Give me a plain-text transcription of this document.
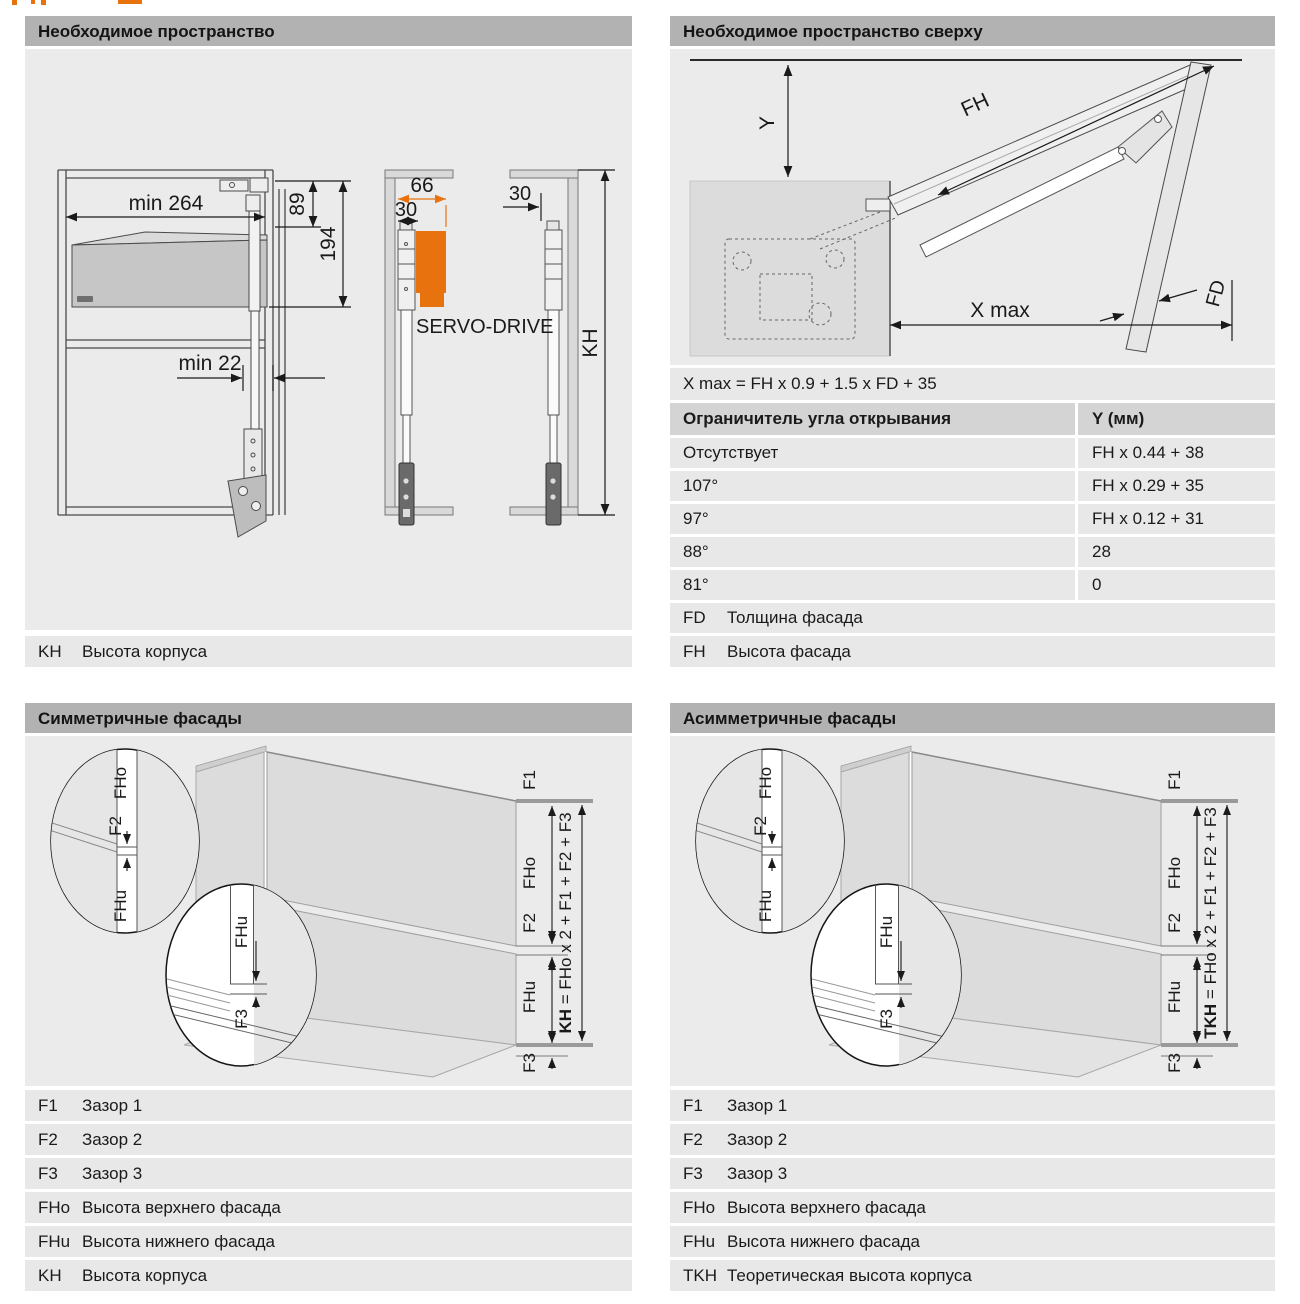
Необходимое пространство
min 264	89
194
min 22
66
30
30
KH
SERVO-DRIVE
KH	Высота корпуса
Необходимое пространство сверху
Y
FH
FD
X max
X max = FH x 0.9 + 1.5 x FD + 35
Ограничитель угла открывания	Y (мм)
Отсутствует	FH x 0.44 + 38
107°	FH x 0.29 + 35
97°	FH x 0.12 + 31
88°	28
81°	0
FD	Толщина фасада
FH	Высота фасада
Симметричные фасады
KH = FHo x 2 + F1 + F2 + F3
F1	Зазор 1
F2	Зазор 2
F3	Зазор 3
FHo Высота верхнего фасада
FHu Высота нижнего фасада
KH	Высота корпуса
Асимметричные фасады
TKH = FHo x 2 + F1 + F2 + F3
F1	Зазор 1
F2	Зазор 2
F3	Зазор 3
FHo Высота верхнего фасада
FHu Высота нижнего фасада
TKH Теоретическая высота корпуса
